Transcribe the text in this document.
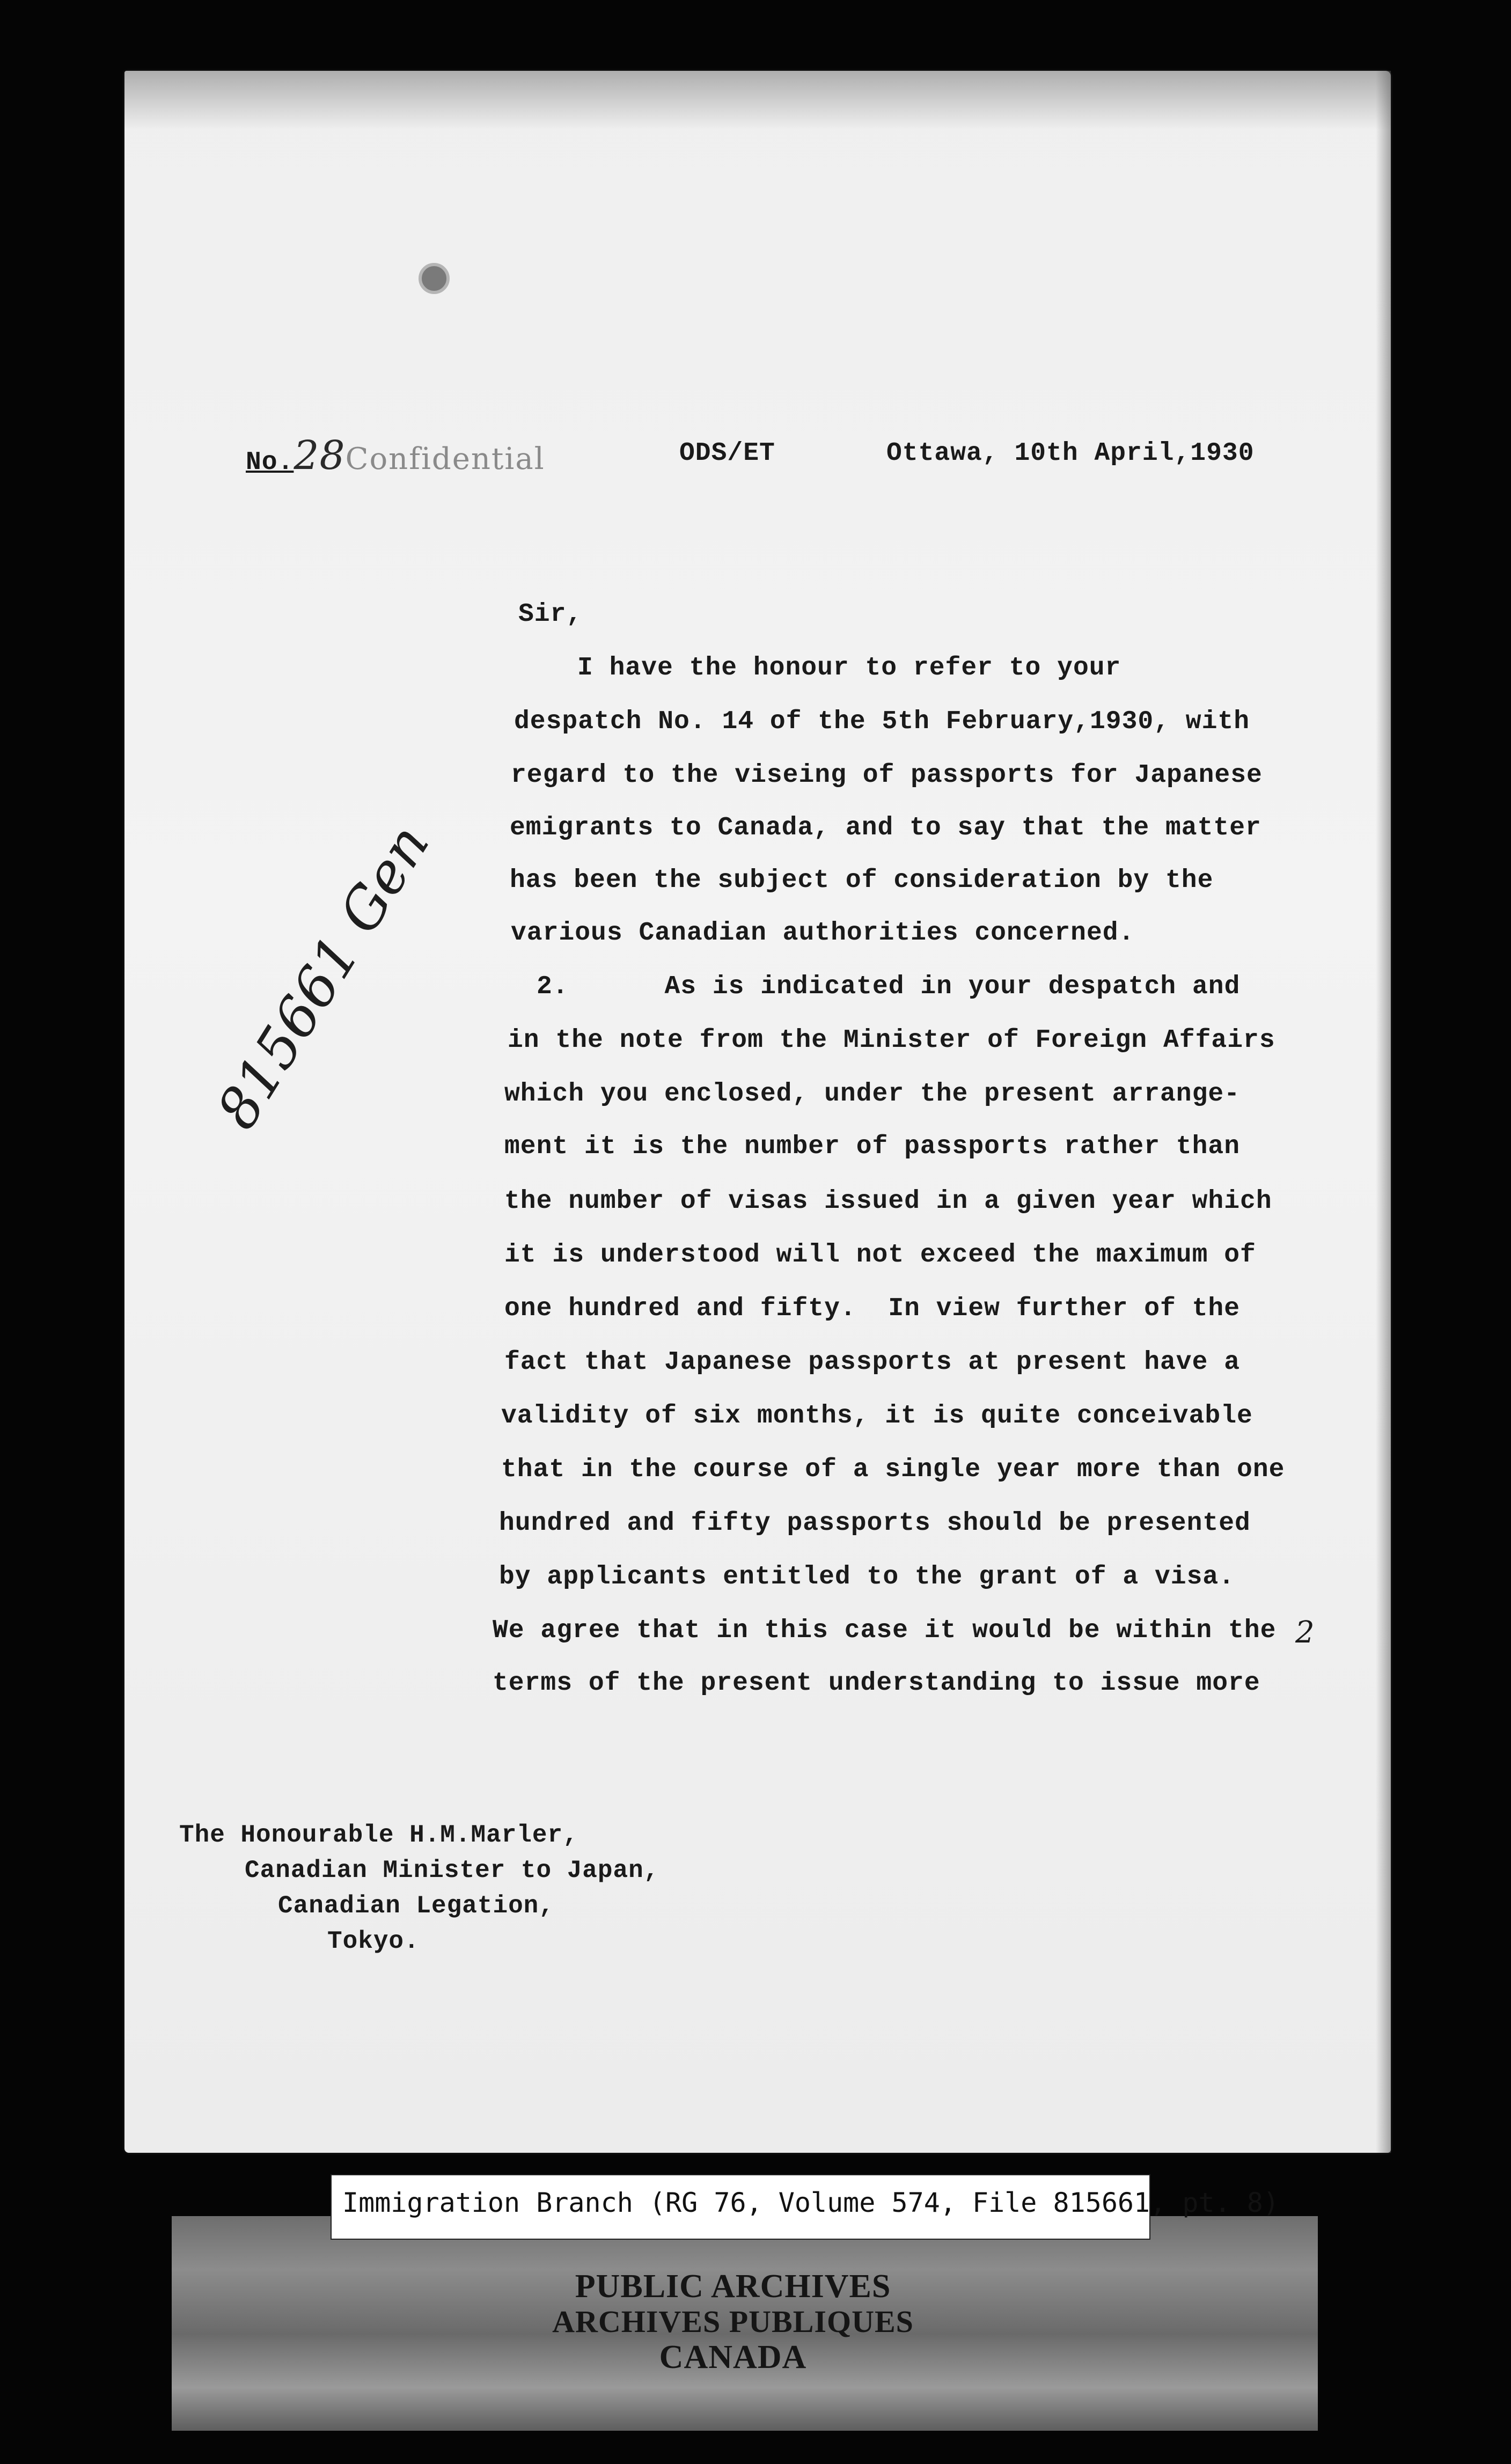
No.28Confidential	ODS/ET	Ottawa, 10th April,1930
Sir,
I have the honour to refer to your
despatch No. 14 of the 5th February,1930, with
regard to the viseing of passports for Japanese
emigrants to Canada, and to say that the matter
has been the subject of consideration by the
various Canadian authorities concerned.
2.      As is indicated in your despatch and
in the note from the Minister of Foreign Affairs
which you enclosed, under the present arrange-
ment it is the number of passports rather than
the number of visas issued in a given year which
it is understood will not exceed the maximum of
one hundred and fifty.  In view further of the
fact that Japanese passports at present have a
validity of six months, it is quite conceivable
that in the course of a single year more than one
hundred and fifty passports should be presented
by applicants entitled to the grant of a visa.
We agree that in this case it would be within the
terms of the present understanding to issue more
2
815661 Gen
The Honourable H.M.Marler,
Canadian Minister to Japan,
Canadian Legation,
Tokyo.
Immigration Branch (RG 76, Volume 574, File 815661, pt. 8)
PUBLIC ARCHIVES
ARCHIVES PUBLIQUES
CANADA
